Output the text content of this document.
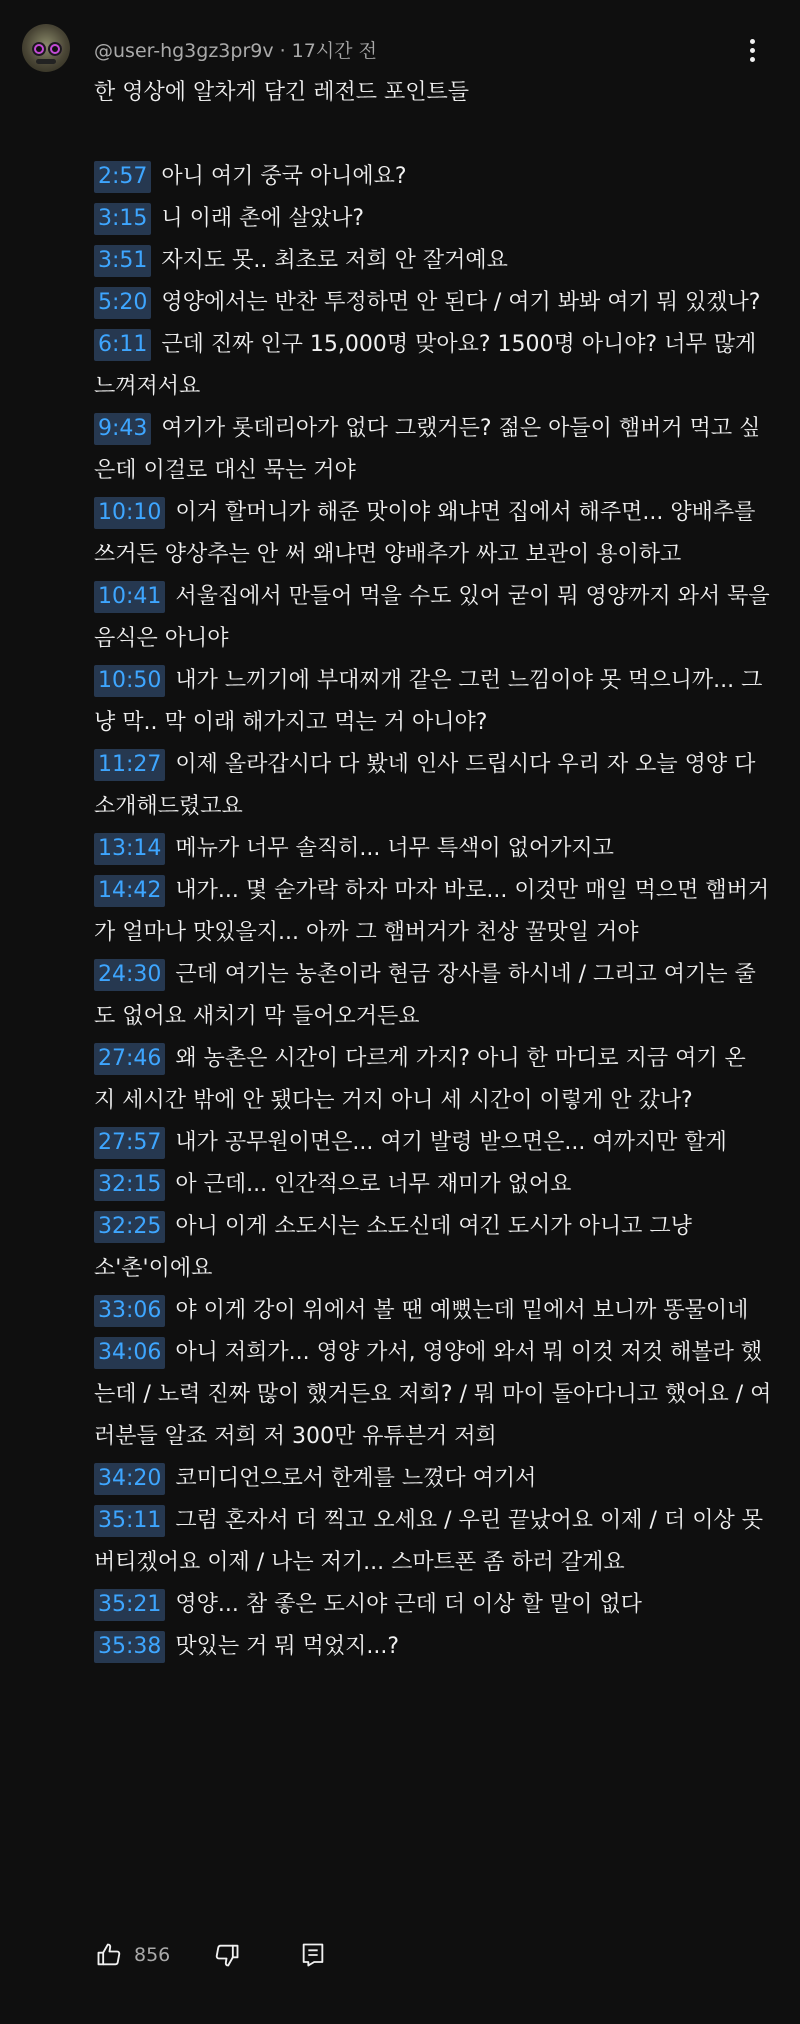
@user-hg3gz3pr9v · 17시간 전
한 영상에 알차게 담긴 레전드 포인트들
2:57 아니 여기 중국 아니에요?
3:15 니 이래 촌에 살았나?
3:51 자지도 못.. 최초로 저희 안 잘거예요
5:20 영양에서는 반찬 투정하면 안 된다 / 여기 봐봐 여기 뭐 있겠나?
6:11 근데 진짜 인구 15,000명 맞아요? 1500명 아니야? 너무 많게 느껴져서요
9:43 여기가 롯데리아가 없다 그랬거든? 젊은 아들이 햄버거 먹고 싶은데 이걸로 대신 묵는 거야
10:10 이거 할머니가 해준 맛이야 왜냐면 집에서 해주면... 양배추를 쓰거든 양상추는 안 써 왜냐면 양배추가 싸고 보관이 용이하고
10:41 서울집에서 만들어 먹을 수도 있어 굳이 뭐 영양까지 와서 묵을 음식은 아니야
10:50 내가 느끼기에 부대찌개 같은 그런 느낌이야 못 먹으니까... 그냥 막.. 막 이래 해가지고 먹는 거 아니야?
11:27 이제 올라갑시다 다 봤네 인사 드립시다 우리 자 오늘 영양 다 소개해드렸고요
13:14 메뉴가 너무 솔직히... 너무 특색이 없어가지고
14:42 내가... 몇 숟가락 하자 마자 바로... 이것만 매일 먹으면 햄버거가 얼마나 맛있을지... 아까 그 햄버거가 천상 꿀맛일 거야
24:30 근데 여기는 농촌이라 현금 장사를 하시네 / 그리고 여기는 줄도 없어요 새치기 막 들어오거든요
27:46 왜 농촌은 시간이 다르게 가지? 아니 한 마디로 지금 여기 온 지 세시간 밖에 안 됐다는 거지 아니 세 시간이 이렇게 안 갔나?
27:57 내가 공무원이면은... 여기 발령 받으면은... 여까지만 할게
32:15 아 근데... 인간적으로 너무 재미가 없어요
32:25 아니 이게 소도시는 소도신데 여긴 도시가 아니고 그냥 소'촌'이에요
33:06 야 이게 강이 위에서 볼 땐 예뻤는데 밑에서 보니까 똥물이네
34:06 아니 저희가... 영양 가서, 영양에 와서 뭐 이것 저것 해볼라 했는데 / 노력 진짜 많이 했거든요 저희? / 뭐 마이 돌아다니고 했어요 / 여러분들 알죠 저희 저 300만 유튜븐거 저희
34:20 코미디언으로서 한계를 느꼈다 여기서
35:11 그럼 혼자서 더 찍고 오세요 / 우린 끝났어요 이제 / 더 이상 못 버티겠어요 이제 / 나는 저기... 스마트폰 좀 하러 갈게요
35:21 영양... 참 좋은 도시야 근데 더 이상 할 말이 없다
35:38 맛있는 거 뭐 먹었지...?
856
